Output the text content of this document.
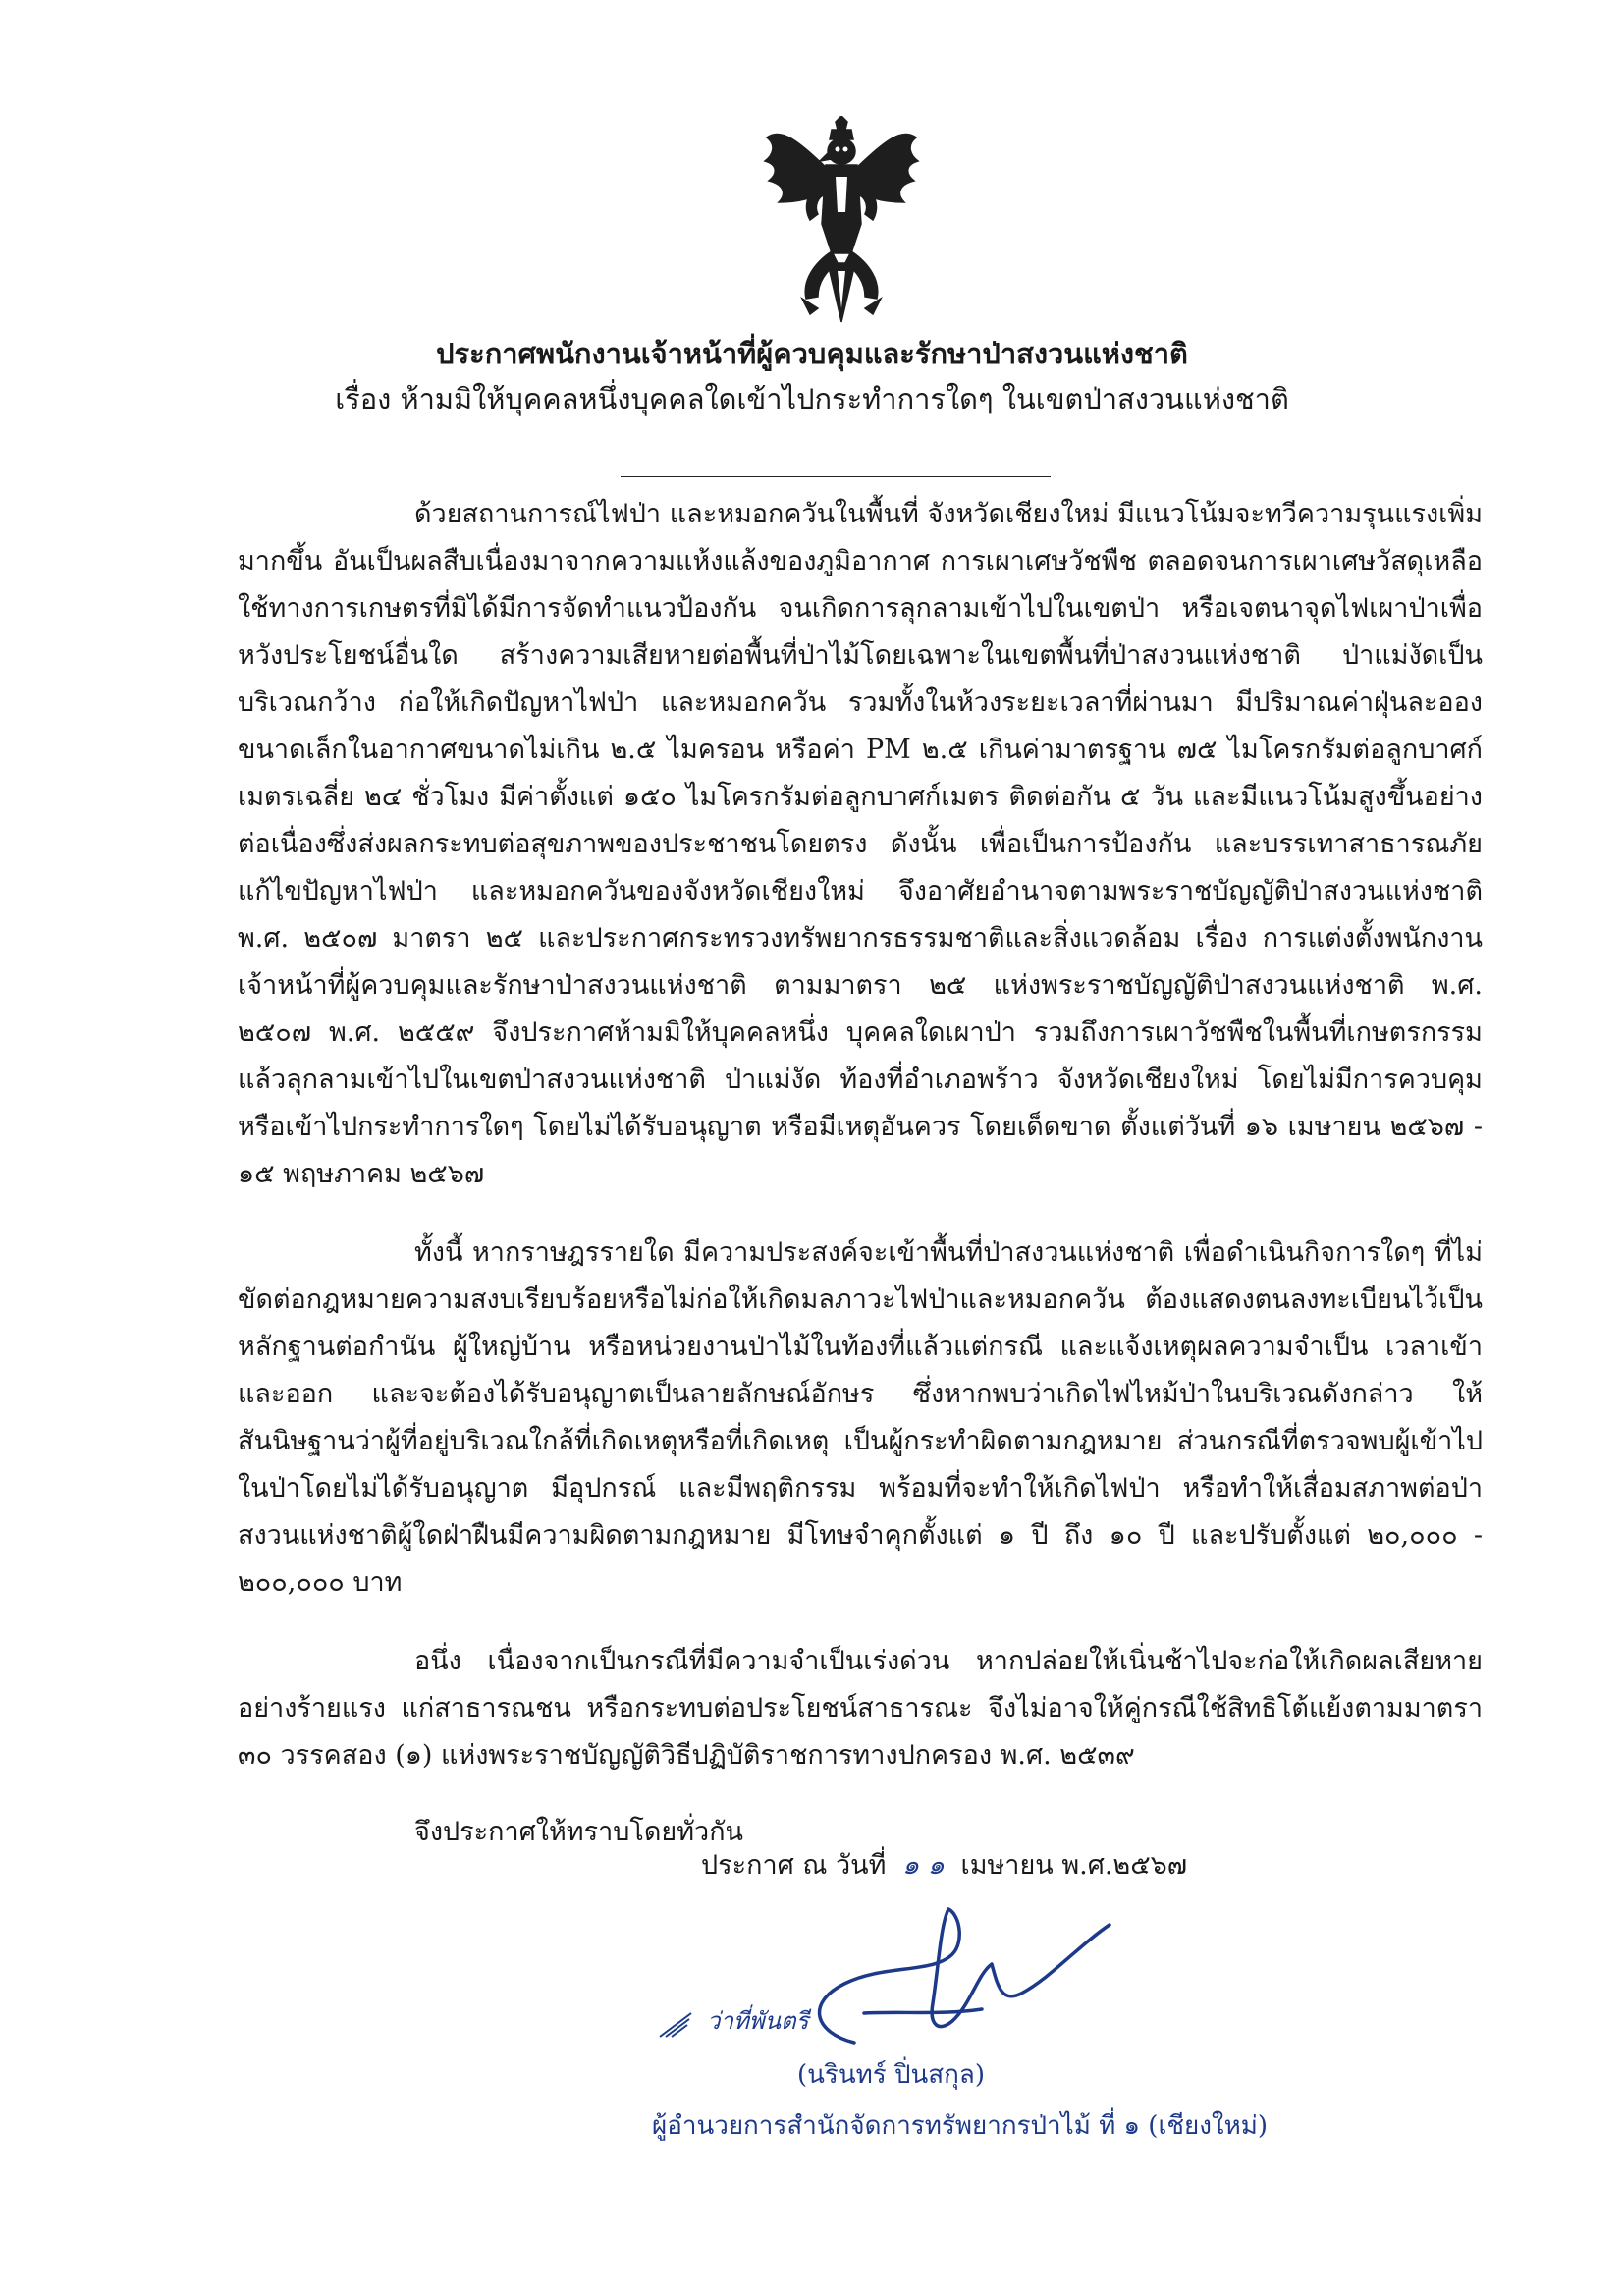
ประกาศพนักงานเจ้าหน้าที่ผู้ควบคุมและรักษาป่าสงวนแห่งชาติ
เรื่อง ห้ามมิให้บุคคลหนึ่งบุคคลใดเข้าไปกระทำการใดๆ ในเขตป่าสงวนแห่งชาติ

ด้วยสถานการณ์ไฟป่า และหมอกควันในพื้นที่ จังหวัดเชียงใหม่ มีแนวโน้มจะทวีความรุนแรงเพิ่มมากขึ้น อันเป็นผลสืบเนื่องมาจากความแห้งแล้งของภูมิอากาศ การเผาเศษวัชพืช ตลอดจนการเผาเศษวัสดุเหลือใช้ทางการเกษตรที่มิได้มีการจัดทำแนวป้องกัน จนเกิดการลุกลามเข้าไปในเขตป่า หรือเจตนาจุดไฟเผาป่าเพื่อหวังประโยชน์อื่นใด สร้างความเสียหายต่อพื้นที่ป่าไม้โดยเฉพาะในเขตพื้นที่ป่าสงวนแห่งชาติ ป่าแม่งัดเป็นบริเวณกว้าง ก่อให้เกิดปัญหาไฟป่า และหมอกควัน รวมทั้งในห้วงระยะเวลาที่ผ่านมา มีปริมาณค่าฝุ่นละอองขนาดเล็กในอากาศขนาดไม่เกิน ๒.๕ ไมครอน หรือค่า PM ๒.๕ เกินค่ามาตรฐาน ๗๕ ไมโครกรัมต่อลูกบาศก์เมตรเฉลี่ย ๒๔ ชั่วโมง มีค่าตั้งแต่ ๑๕๐ ไมโครกรัมต่อลูกบาศก์เมตร ติดต่อกัน ๕ วัน และมีแนวโน้มสูงขึ้นอย่างต่อเนื่องซึ่งส่งผลกระทบต่อสุขภาพของประชาชนโดยตรง ดังนั้น เพื่อเป็นการป้องกัน และบรรเทาสาธารณภัย แก้ไขปัญหาไฟป่า และหมอกควันของจังหวัดเชียงใหม่ จึงอาศัยอำนาจตามพระราชบัญญัติป่าสงวนแห่งชาติ พ.ศ. ๒๕๐๗ มาตรา ๒๕ และประกาศกระทรวงทรัพยากรธรรมชาติและสิ่งแวดล้อม เรื่อง การแต่งตั้งพนักงานเจ้าหน้าที่ผู้ควบคุมและรักษาป่าสงวนแห่งชาติ ตามมาตรา ๒๕ แห่งพระราชบัญญัติป่าสงวนแห่งชาติ พ.ศ. ๒๕๐๗ พ.ศ. ๒๕๕๙ จึงประกาศห้ามมิให้บุคคลหนึ่ง บุคคลใดเผาป่า รวมถึงการเผาวัชพืชในพื้นที่เกษตรกรรมแล้วลุกลามเข้าไปในเขตป่าสงวนแห่งชาติ ป่าแม่งัด ท้องที่อำเภอพร้าว จังหวัดเชียงใหม่ โดยไม่มีการควบคุมหรือเข้าไปกระทำการใดๆ โดยไม่ได้รับอนุญาต หรือมีเหตุอันควร โดยเด็ดขาด ตั้งแต่วันที่ ๑๖ เมษายน ๒๕๖๗ - ๑๕ พฤษภาคม ๒๕๖๗

ทั้งนี้ หากราษฎรรายใด มีความประสงค์จะเข้าพื้นที่ป่าสงวนแห่งชาติ เพื่อดำเนินกิจการใดๆ ที่ไม่ขัดต่อกฎหมายความสงบเรียบร้อยหรือไม่ก่อให้เกิดมลภาวะไฟป่าและหมอกควัน ต้องแสดงตนลงทะเบียนไว้เป็นหลักฐานต่อกำนัน ผู้ใหญ่บ้าน หรือหน่วยงานป่าไม้ในท้องที่แล้วแต่กรณี และแจ้งเหตุผลความจำเป็น เวลาเข้าและออก และจะต้องได้รับอนุญาตเป็นลายลักษณ์อักษร ซึ่งหากพบว่าเกิดไฟไหม้ป่าในบริเวณดังกล่าว ให้สันนิษฐานว่าผู้ที่อยู่บริเวณใกล้ที่เกิดเหตุหรือที่เกิดเหตุ เป็นผู้กระทำผิดตามกฎหมาย ส่วนกรณีที่ตรวจพบผู้เข้าไปในป่าโดยไม่ได้รับอนุญาต มีอุปกรณ์ และมีพฤติกรรม พร้อมที่จะทำให้เกิดไฟป่า หรือทำให้เสื่อมสภาพต่อป่าสงวนแห่งชาติผู้ใดฝ่าฝืนมีความผิดตามกฎหมาย มีโทษจำคุกตั้งแต่ ๑ ปี ถึง ๑๐ ปี และปรับตั้งแต่ ๒๐,๐๐๐ - ๒๐๐,๐๐๐ บาท

อนึ่ง เนื่องจากเป็นกรณีที่มีความจำเป็นเร่งด่วน หากปล่อยให้เนิ่นช้าไปจะก่อให้เกิดผลเสียหายอย่างร้ายแรง แก่สาธารณชน หรือกระทบต่อประโยชน์สาธารณะ จึงไม่อาจให้คู่กรณีใช้สิทธิโต้แย้งตามมาตรา ๓๐ วรรคสอง (๑) แห่งพระราชบัญญัติวิธีปฏิบัติราชการทางปกครอง พ.ศ. ๒๕๓๙

จึงประกาศให้ทราบโดยทั่วกัน

ประกาศ ณ วันที่ ๑ ๑ เมษายน พ.ศ.๒๕๖๗
ว่าที่พันตรี
(นรินทร์ ปิ่นสกุล)
ผู้อำนวยการสำนักจัดการทรัพยากรป่าไม้ ที่ ๑ (เชียงใหม่)
